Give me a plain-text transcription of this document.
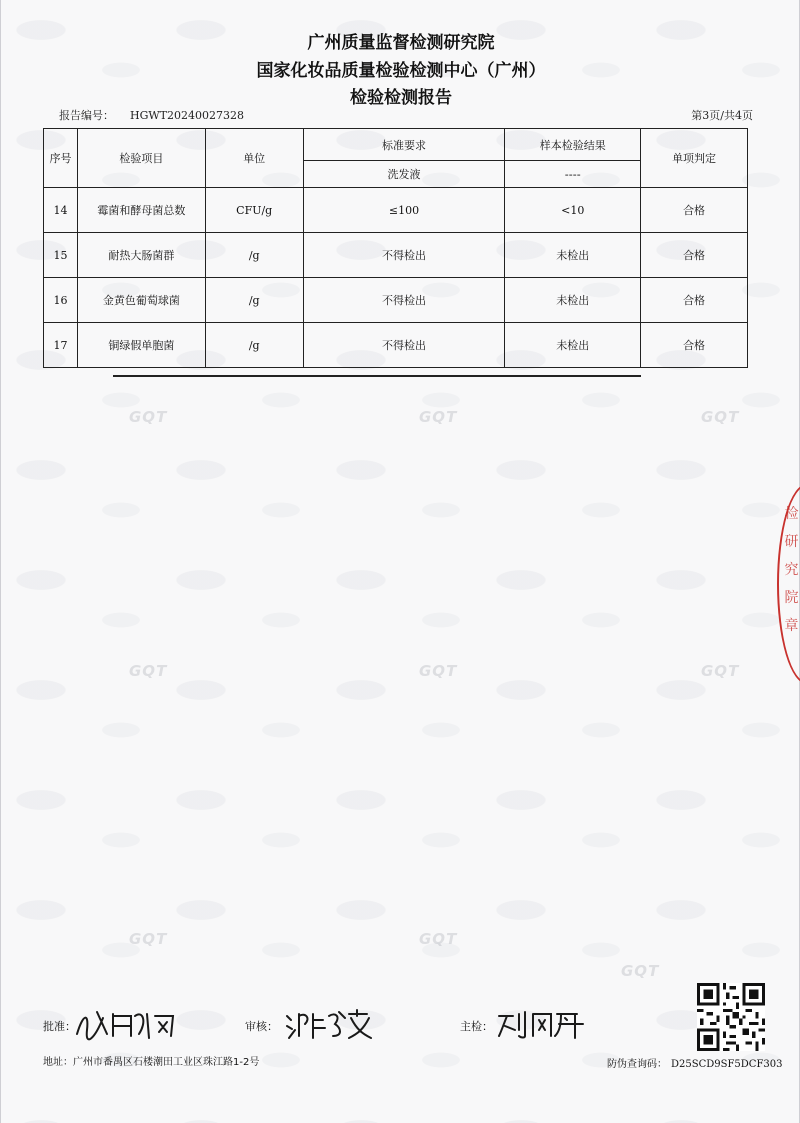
GQT	GQT	GQT
GQT	GQT	GQT
GQT	GQT
GQT
广州质量监督检测研究院
国家化妆品质量检验检测中心（广州）
检验检测报告
报告编号： HGWT20240027328	第3页/共4页
序号	检验项目	单位	标准要求	样本检验结果	单项判定
			洗发液	----	
14	霉菌和酵母菌总数	CFU/g	≤100	<10	合格
15	耐热大肠菌群	/g	不得检出	未检出	合格
16	金黄色葡萄球菌	/g	不得检出	未检出	合格
17	铜绿假单胞菌	/g	不得检出	未检出	合格
检
研
究
院
章
批准：	审核：	主检：
地址：广州市番禺区石楼潮田工业区珠江路1-2号	防伪查询码： D25SCD9SF5DCF303
